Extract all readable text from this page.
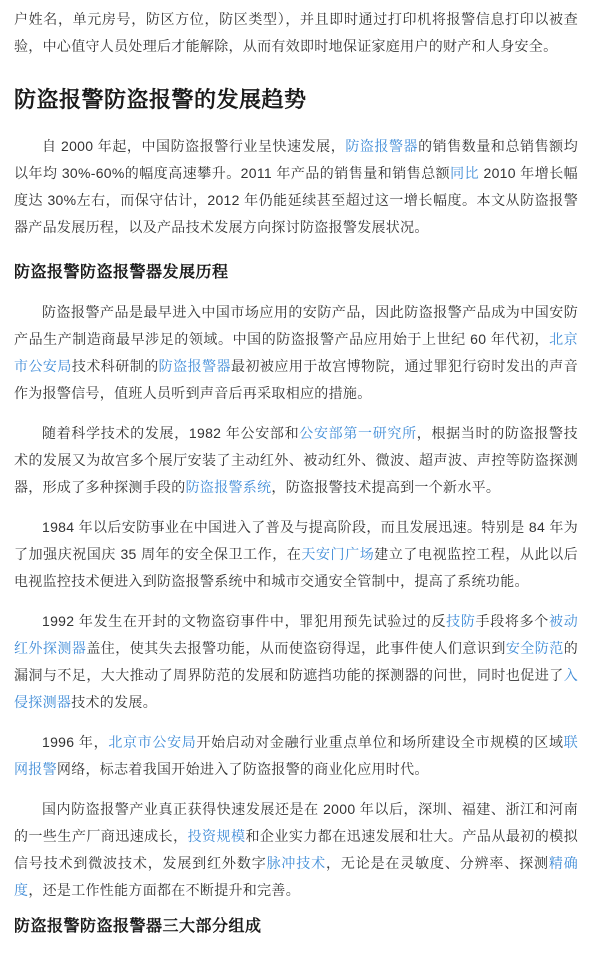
户姓名，单元房号，防区方位，防区类型），并且即时通过打印机将报警信息打印以被查验，中心值守人员处理后才能解除，从而有效即时地保证家庭用户的财产和人身安全。

防盗报警防盗报警的发展趋势

自 2000 年起，中国防盗报警行业呈快速发展，防盗报警器的销售数量和总销售额均以年均 30%-60%的幅度高速攀升。2011 年产品的销售量和销售总额同比 2010 年增长幅度达 30%左右，而保守估计，2012 年仍能延续甚至超过这一增长幅度。本文从防盗报警器产品发展历程，以及产品技术发展方向探讨防盗报警发展状况。

防盗报警防盗报警器发展历程

防盗报警产品是最早进入中国市场应用的安防产品，因此防盗报警产品成为中国安防产品生产制造商最早涉足的领域。中国的防盗报警产品应用始于上世纪 60 年代初，北京市公安局技术科研制的防盗报警器最初被应用于故宫博物院，通过罪犯行窃时发出的声音作为报警信号，值班人员听到声音后再采取相应的措施。

随着科学技术的发展，1982 年公安部和公安部第一研究所，根据当时的防盗报警技术的发展又为故宫多个展厅安装了主动红外、被动红外、微波、超声波、声控等防盗探测器，形成了多种探测手段的防盗报警系统，防盗报警技术提高到一个新水平。

1984 年以后安防事业在中国进入了普及与提高阶段，而且发展迅速。特别是 84 年为了加强庆祝国庆 35 周年的安全保卫工作，在天安门广场建立了电视监控工程，从此以后电视监控技术便进入到防盗报警系统中和城市交通安全管制中，提高了系统功能。

1992 年发生在开封的文物盗窃事件中，罪犯用预先试验过的反技防手段将多个被动红外探测器盖住，使其失去报警功能，从而使盗窃得逞，此事件使人们意识到安全防范的漏洞与不足，大大推动了周界防范的发展和防遮挡功能的探测器的问世，同时也促进了入侵探测器技术的发展。

1996 年，北京市公安局开始启动对金融行业重点单位和场所建设全市规模的区域联网报警网络，标志着我国开始进入了防盗报警的商业化应用时代。

国内防盗报警产业真正获得快速发展还是在 2000 年以后，深圳、福建、浙江和河南的一些生产厂商迅速成长，投资规模和企业实力都在迅速发展和壮大。产品从最初的模拟信号技术到微波技术，发展到红外数字脉冲技术，无论是在灵敏度、分辨率、探测精确度，还是工作性能方面都在不断提升和完善。

防盗报警防盗报警器三大部分组成
